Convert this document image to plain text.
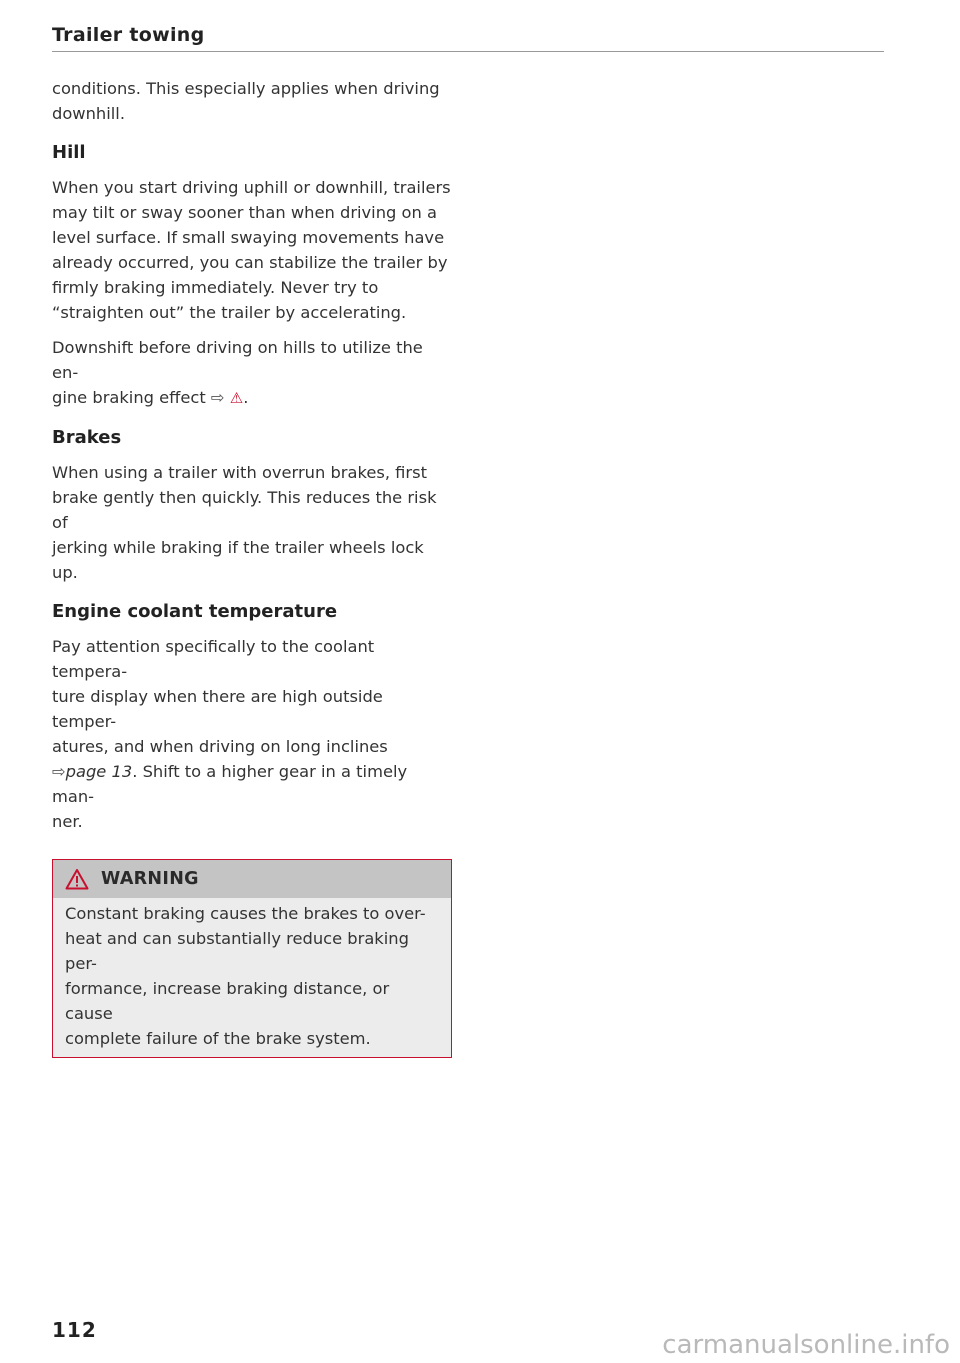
Trailer towing

conditions. This especially applies when driving
downhill.

Hill

When you start driving uphill or downhill, trailers
may tilt or sway sooner than when driving on a
level surface. If small swaying movements have
already occurred, you can stabilize the trailer by
firmly braking immediately. Never try to
“straighten out” the trailer by accelerating.

Downshift before driving on hills to utilize the en-
gine braking effect ⇨ ⚠.

Brakes

When using a trailer with overrun brakes, first
brake gently then quickly. This reduces the risk of
jerking while braking if the trailer wheels lock up.

Engine coolant temperature

Pay attention specifically to the coolant tempera-
ture display when there are high outside temper-
atures, and when driving on long inclines
⇨page 13. Shift to a higher gear in a timely man-
ner.

WARNING

Constant braking causes the brakes to over-
heat and can substantially reduce braking per-
formance, increase braking distance, or cause
complete failure of the brake system.

112	carmanualsonline.info
